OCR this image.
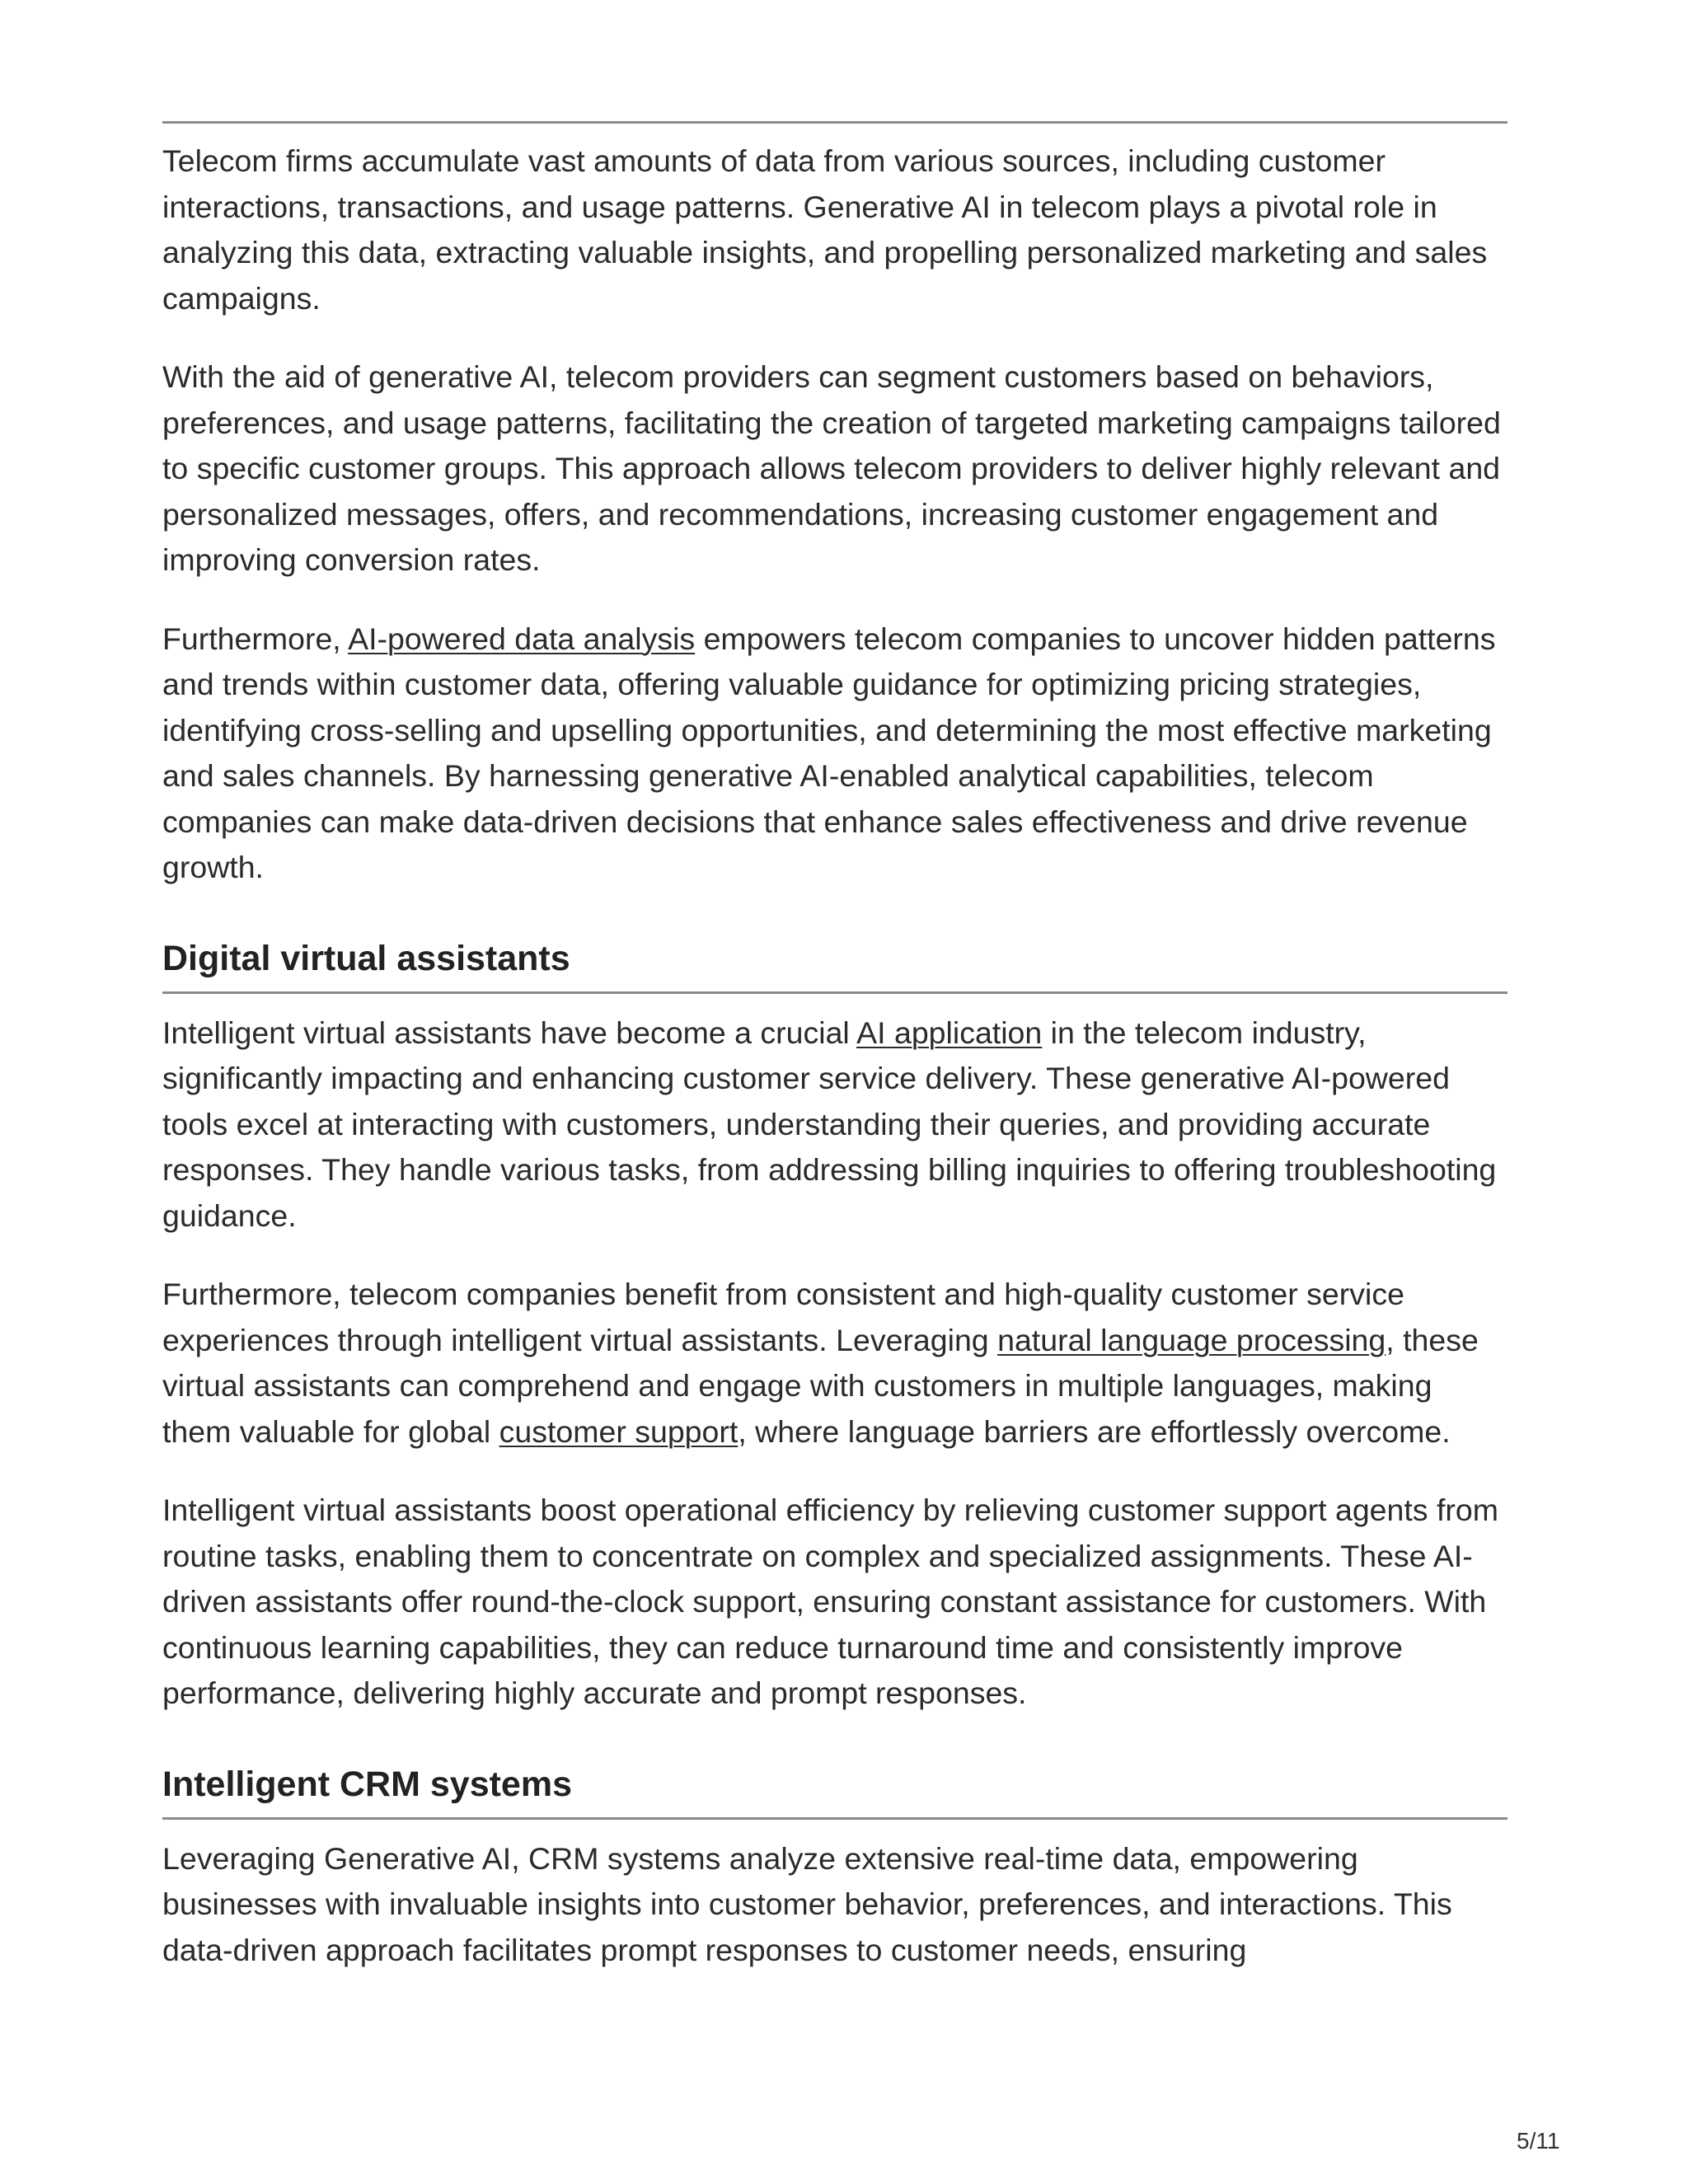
Telecom firms accumulate vast amounts of data from various sources, including customer interactions, transactions, and usage patterns. Generative AI in telecom plays a pivotal role in analyzing this data, extracting valuable insights, and propelling personalized marketing and sales campaigns.

With the aid of generative AI, telecom providers can segment customers based on behaviors, preferences, and usage patterns, facilitating the creation of targeted marketing campaigns tailored to specific customer groups. This approach allows telecom providers to deliver highly relevant and personalized messages, offers, and recommendations, increasing customer engagement and improving conversion rates.

Furthermore, AI-powered data analysis empowers telecom companies to uncover hidden patterns and trends within customer data, offering valuable guidance for optimizing pricing strategies, identifying cross-selling and upselling opportunities, and determining the most effective marketing and sales channels. By harnessing generative AI-enabled analytical capabilities, telecom companies can make data-driven decisions that enhance sales effectiveness and drive revenue growth.

Digital virtual assistants

Intelligent virtual assistants have become a crucial AI application in the telecom industry, significantly impacting and enhancing customer service delivery. These generative AI-powered tools excel at interacting with customers, understanding their queries, and providing accurate responses. They handle various tasks, from addressing billing inquiries to offering troubleshooting guidance.

Furthermore, telecom companies benefit from consistent and high-quality customer service experiences through intelligent virtual assistants. Leveraging natural language processing, these virtual assistants can comprehend and engage with customers in multiple languages, making them valuable for global customer support, where language barriers are effortlessly overcome.

Intelligent virtual assistants boost operational efficiency by relieving customer support agents from routine tasks, enabling them to concentrate on complex and specialized assignments. These AI-driven assistants offer round-the-clock support, ensuring constant assistance for customers. With continuous learning capabilities, they can reduce turnaround time and consistently improve performance, delivering highly accurate and prompt responses.

Intelligent CRM systems

Leveraging Generative AI, CRM systems analyze extensive real-time data, empowering businesses with invaluable insights into customer behavior, preferences, and interactions. This data-driven approach facilitates prompt responses to customer needs, ensuring

5/11
